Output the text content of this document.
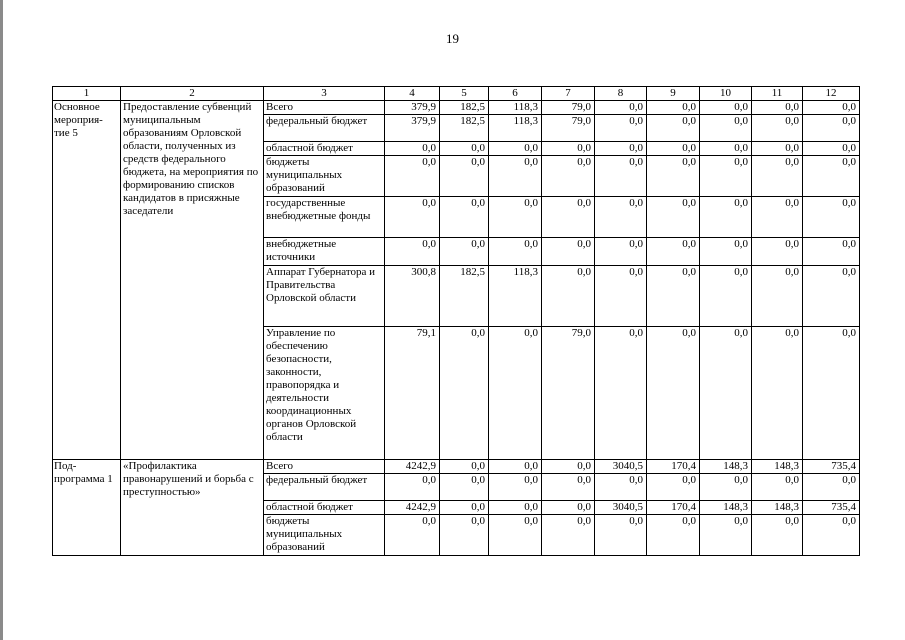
19
1	2	3	4	5	6	7	8	9	10	11	12
Основное мероприя-тие 5	Предоставление субвенций муниципальным образованиям Орловской области, полученных из средств федерального бюджета, на мероприятия по формированию списков кандидатов в присяжные заседатели	Всего	379,9	182,5	118,3	79,0	0,0	0,0	0,0	0,0	0,0
		федеральный бюджет	379,9	182,5	118,3	79,0	0,0	0,0	0,0	0,0	0,0
		областной бюджет	0,0	0,0	0,0	0,0	0,0	0,0	0,0	0,0	0,0
		бюджеты муниципальных образований	0,0	0,0	0,0	0,0	0,0	0,0	0,0	0,0	0,0
		государственные внебюджетные фонды	0,0	0,0	0,0	0,0	0,0	0,0	0,0	0,0	0,0
		внебюджетные источники	0,0	0,0	0,0	0,0	0,0	0,0	0,0	0,0	0,0
		Аппарат Губернатора и Правительства Орловской области	300,8	182,5	118,3	0,0	0,0	0,0	0,0	0,0	0,0
		Управление по обеспечению безопасности, законности, правопорядка и деятельности координационных органов Орловской области	79,1	0,0	0,0	79,0	0,0	0,0	0,0	0,0	0,0
Под-программа 1	«Профилактика правонарушений и борьба с преступностью»	Всего	4242,9	0,0	0,0	0,0	3040,5	170,4	148,3	148,3	735,4
		федеральный бюджет	0,0	0,0	0,0	0,0	0,0	0,0	0,0	0,0	0,0
		областной бюджет	4242,9	0,0	0,0	0,0	3040,5	170,4	148,3	148,3	735,4
		бюджеты муниципальных образований	0,0	0,0	0,0	0,0	0,0	0,0	0,0	0,0	0,0
